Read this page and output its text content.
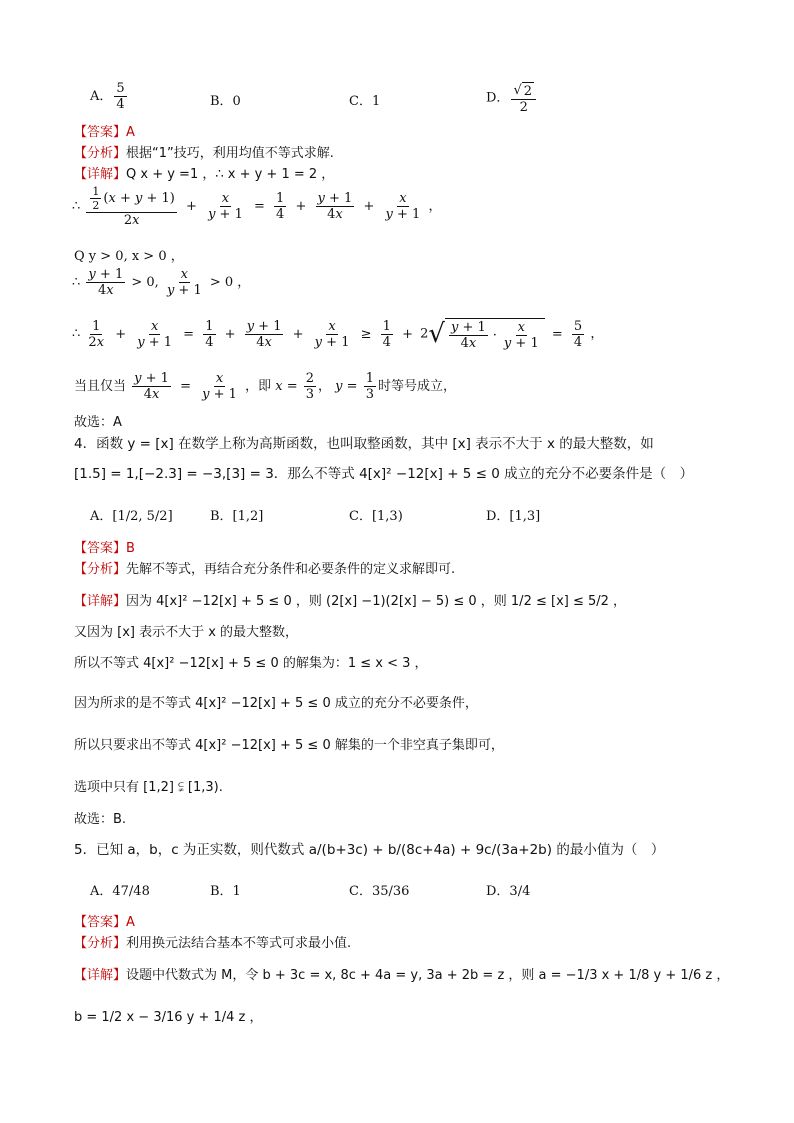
A． $\frac{5}{4}$	B．0	C．1	D． $\frac{√ 2}{2}$
【答案】A
【分析】根据“1”技巧，利用均值不等式求解.
【详解】Q x + y =1 ，∴ x + y + 1 = 2 ，
∴ $\frac{\frac{1}{2} (x + y + 1)}{2x} + \frac{x}{y + 1} = \frac{1}{4} + \frac{y + 1}{4x} + \frac{x}{y + 1}$ ，
Q y > 0, x > 0 ，
∴ $\frac{y + 1}{4x} > 0$, $\frac{x}{y + 1} > 0$ ，
∴ $\frac{1}{2x} + \frac{x}{y + 1} = \frac{1}{4} + \frac{y + 1}{4x} + \frac{x}{y + 1} \ge \frac{1}{4} + 2$ √ $\frac{y + 1}{4x} \cdot \frac{x}{y + 1} = \frac{5}{4}$ ，
当且仅当 $\frac{y + 1}{4x} = \frac{x}{y + 1}$ ，即 $x = \frac{2}{3}$ ， $y = \frac{1}{3}$ 时等号成立，
故选：A
4．函数 y = [x] 在数学上称为高斯函数，也叫取整函数，其中 [x] 表示不大于 x 的最大整数，如
[1.5] = 1,[−2.3] = −3,[3] = 3．那么不等式 4[x]² −12[x] + 5 ≤ 0 成立的充分不必要条件是（　）
A．[1/2, 5/2]	B．[1,2]	C．[1,3)	D．[1,3]
【答案】B
【分析】先解不等式，再结合充分条件和必要条件的定义求解即可.
【详解】因为 4[x]² −12[x] + 5 ≤ 0 ，则 (2[x] −1)(2[x] − 5) ≤ 0 ，则 1/2 ≤ [x] ≤ 5/2 ，
又因为 [x] 表示不大于 x 的最大整数，
所以不等式 4[x]² −12[x] + 5 ≤ 0 的解集为：1 ≤ x < 3 ，
因为所求的是不等式 4[x]² −12[x] + 5 ≤ 0 成立的充分不必要条件，
所以只要求出不等式 4[x]² −12[x] + 5 ≤ 0 解集的一个非空真子集即可，
选项中只有 [1,2] ⫋ [1,3).
故选：B.
5．已知 a，b，c 为正实数，则代数式 a/(b+3c) + b/(8c+4a) + 9c/(3a+2b) 的最小值为（　）
A．47/48	B．1	C．35/36	D．3/4
【答案】A
【分析】利用换元法结合基本不等式可求最小值.
【详解】设题中代数式为 M，令 b + 3c = x, 8c + 4a = y, 3a + 2b = z ，则 a = −1/3 x + 1/8 y + 1/6 z ，
b = 1/2 x − 3/16 y + 1/4 z ，
